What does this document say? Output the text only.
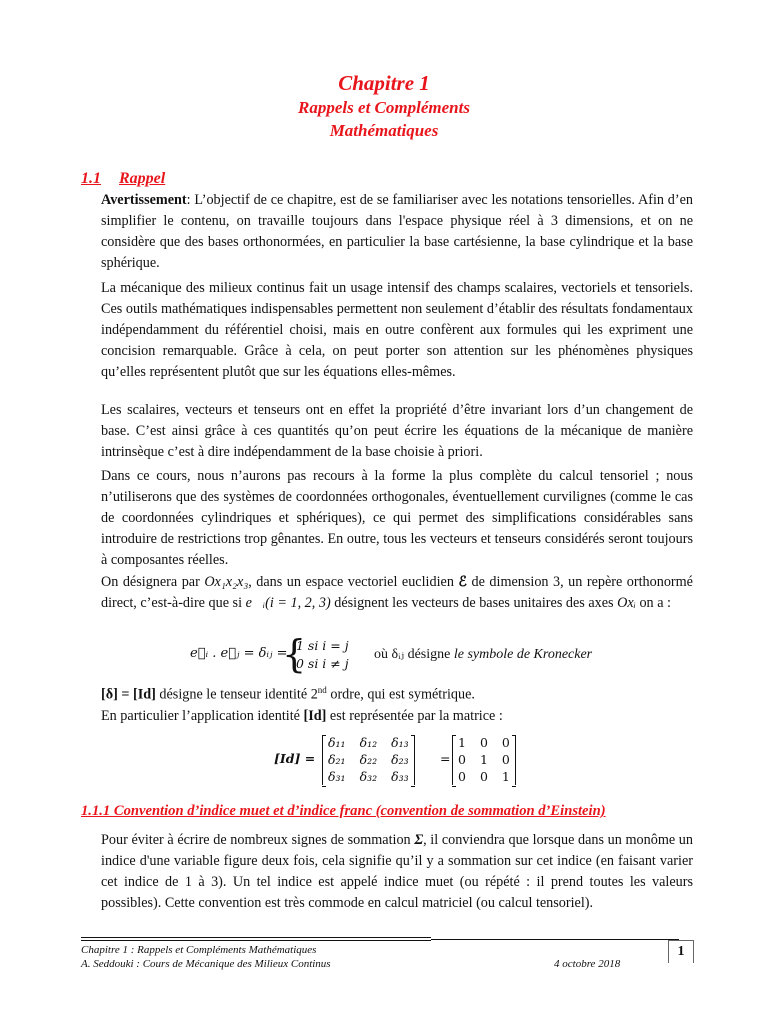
Chapitre 1
Rappels et Compléments
Mathématiques
1.1 Rappel

Avertissement: L’objectif de ce chapitre, est de se familiariser avec les notations tensorielles. Afin d’en simplifier le contenu, on travaille toujours dans l'espace physique réel à 3 dimensions, et on ne considère que des bases orthonormées, en particulier la base cartésienne, la base cylindrique et la base sphérique.

La mécanique des milieux continus fait un usage intensif des champs scalaires, vectoriels et tensoriels. Ces outils mathématiques indispensables permettent non seulement d’établir des résultats fondamentaux indépendamment du référentiel choisi, mais en outre confèrent aux formules qui les expriment une concision remarquable. Grâce à cela, on peut porter son attention sur les phénomènes physiques qu’elles représentent plutôt que sur les équations elles-mêmes.

Les scalaires, vecteurs et tenseurs ont en effet la propriété d’être invariant lors d’un changement de base. C’est ainsi grâce à ces quantités qu’on peut écrire les équations de la mécanique de manière intrinsèque c’est à dire indépendamment de la base choisie à priori.

Dans ce cours, nous n’aurons pas recours à la forme la plus complète du calcul tensoriel ; nous n’utiliserons que des systèmes de coordonnées orthogonales, éventuellement curvilignes (comme le cas de coordonnées cylindriques et sphériques), ce qui permet des simplifications considérables sans introduire de restrictions trop gênantes. En outre, tous les vecteurs et tenseurs considérés seront toujours à composantes réelles.

On désignera par Ox₁x₂x₃, dans un espace vectoriel euclidien ℰ de dimension 3, un repère orthonormé direct, c’est-à-dire que si e⃗ᵢ(i = 1, 2, 3) désignent les vecteurs de bases unitaires des axes Oxᵢ on a :

e⃗ᵢ . e⃗ⱼ = δᵢⱼ =
{
1 si i = j
0 si i ≠ j
où δᵢⱼ désigne le symbole de Kronecker
[δ] = [Id] désigne le tenseur identité 2nd ordre, qui est symétrique.
En particulier l’application identité [Id] est représentée par la matrice :
[Id] =
δ₁₁ δ₁₂ δ₁₃
δ₂₁ δ₂₂ δ₂₃
δ₃₁ δ₃₂ δ₃₃
=
1 0 0
0 1 0
0 0 1
1.1.1 Convention d’indice muet et d’indice franc (convention de sommation d’Einstein)

Pour éviter à écrire de nombreux signes de sommation Σ, il conviendra que lorsque dans un monôme un indice d'une variable figure deux fois, cela signifie qu’il y a sommation sur cet indice (en faisant varier cet indice de 1 à 3). Un tel indice est appelé indice muet (ou répété : il prend toutes les valeurs possibles). Cette convention est très commode en calcul matriciel (ou calcul tensoriel).

Chapitre 1 : Rappels et Compléments Mathématiques
A. Seddouki : Cours de Mécanique des Milieux Continus	4 octobre 2018
1
